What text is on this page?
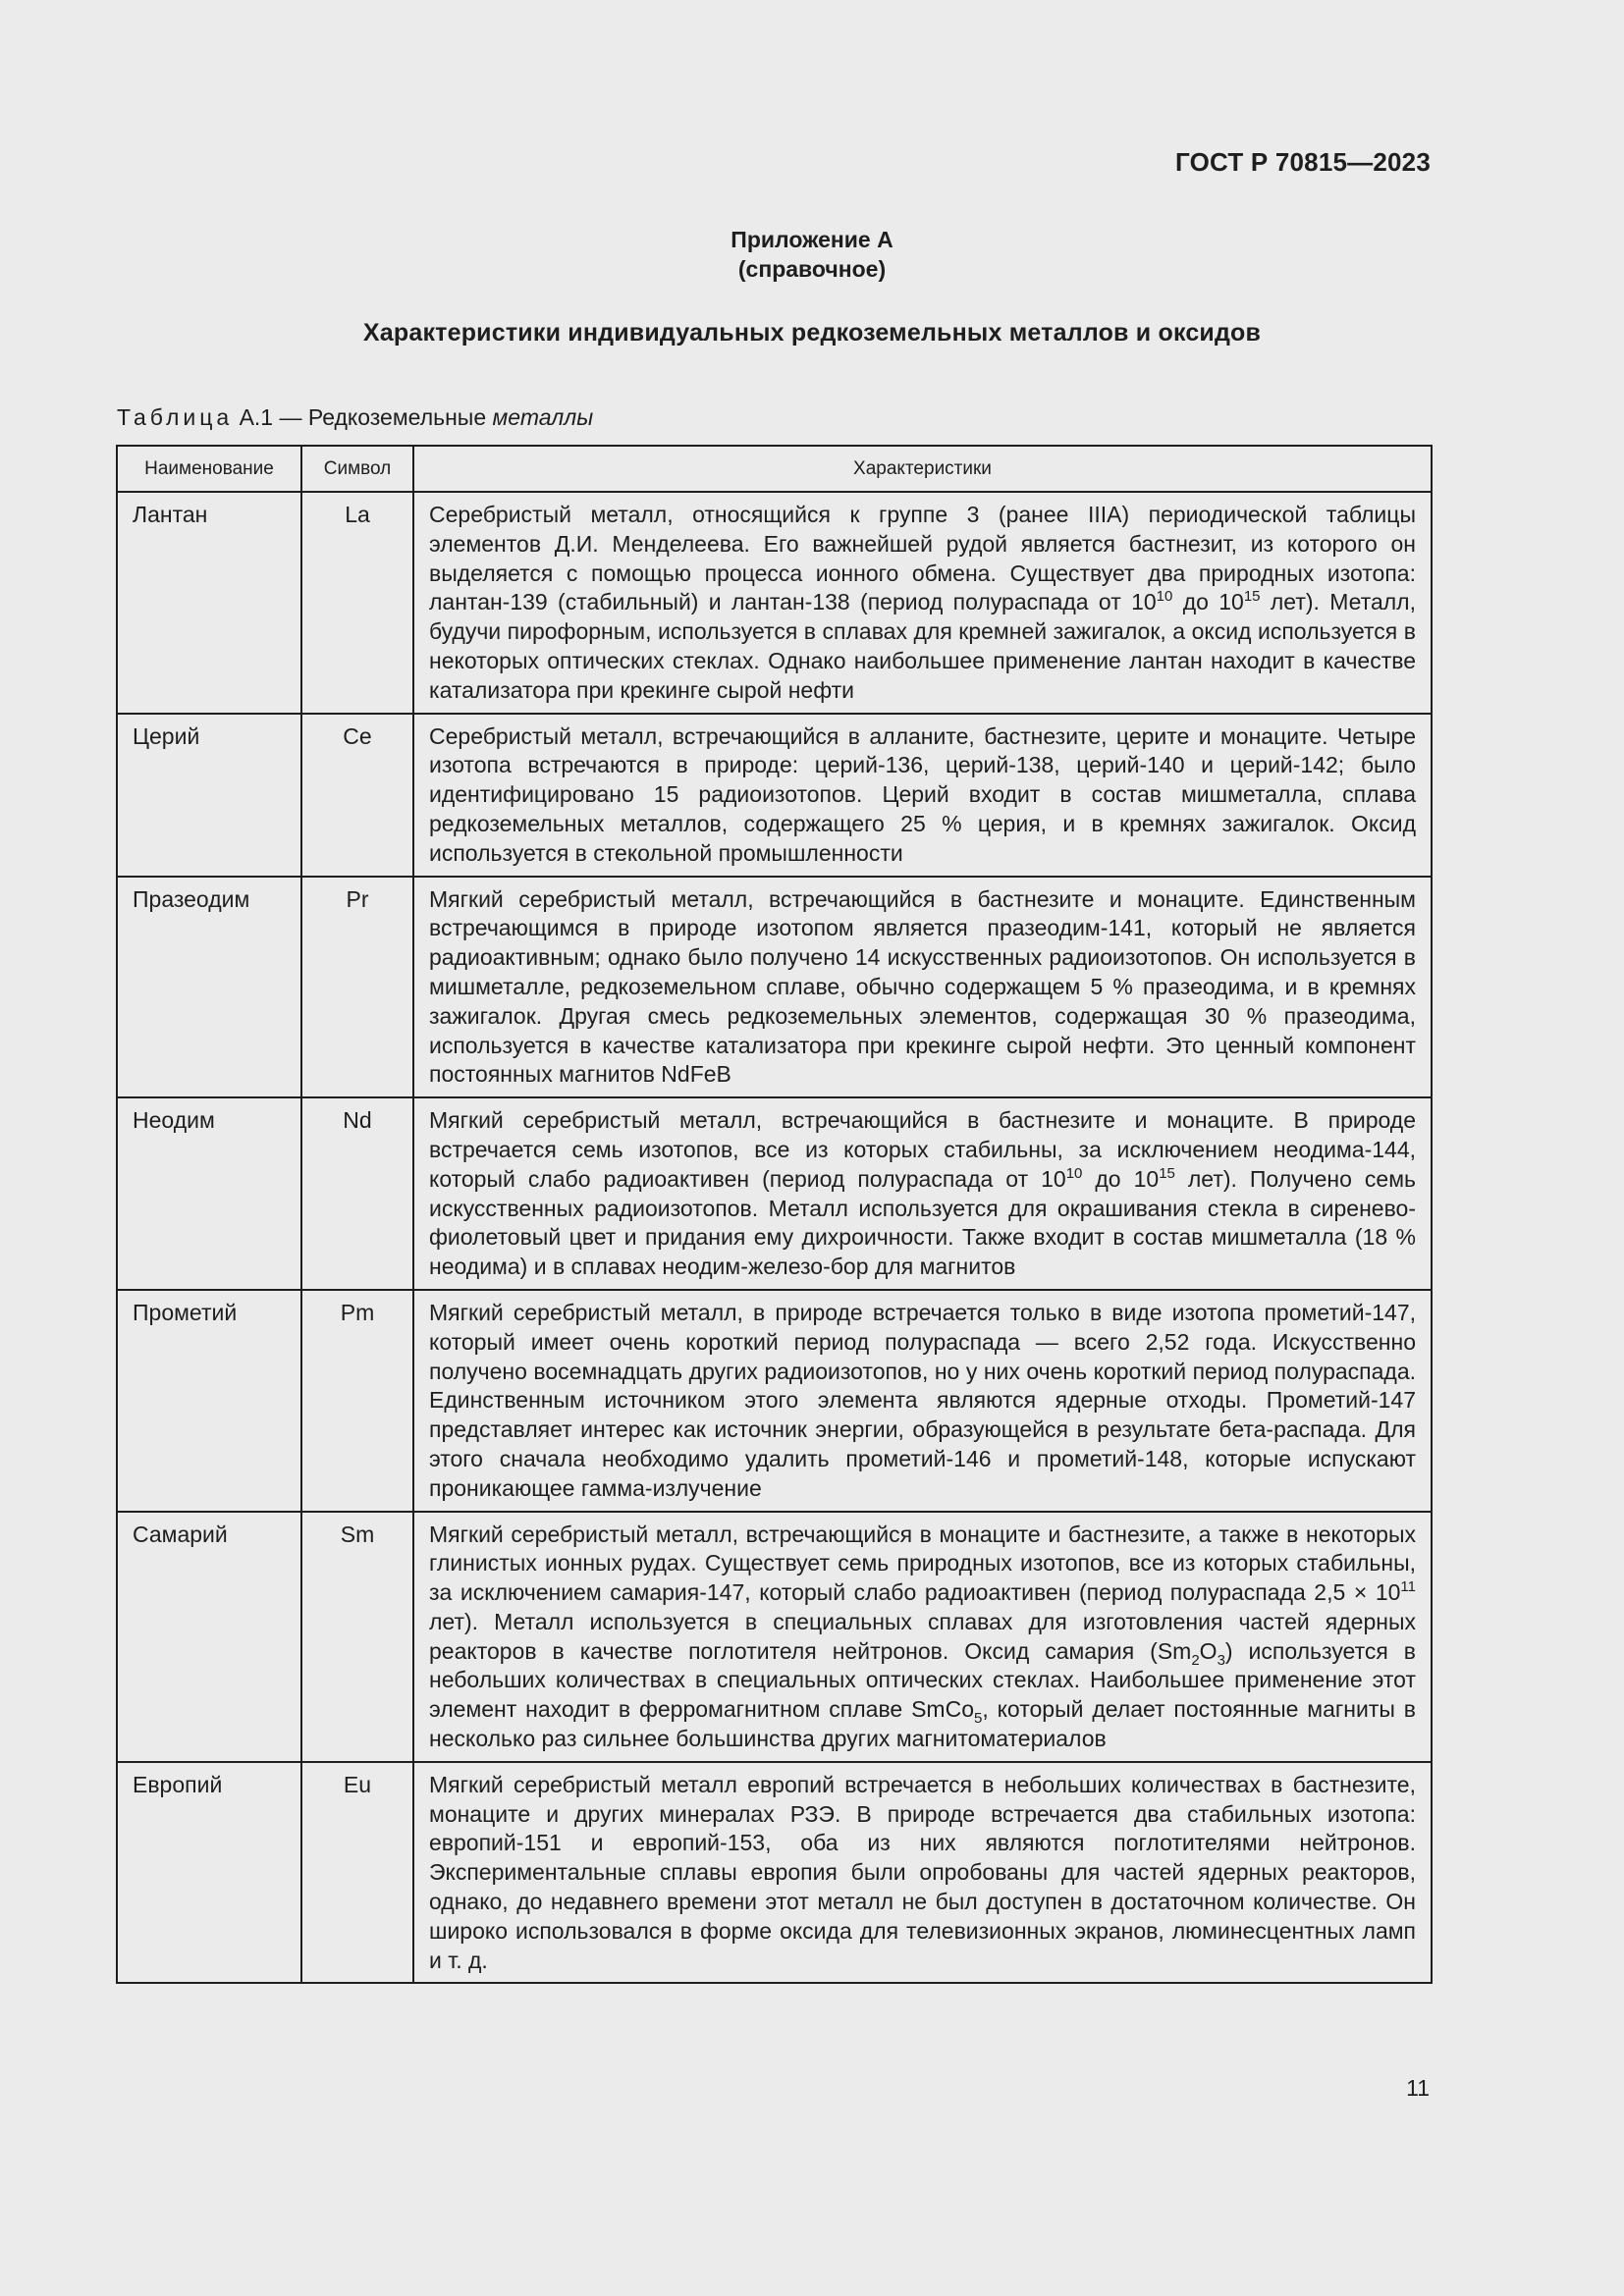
ГОСТ Р 70815—2023
Приложение А
(справочное)
Характеристики индивидуальных редкоземельных металлов и оксидов
Таблица А.1 — Редкоземельные металлы
Наименование	Символ	Характеристики
Лантан	La	Серебристый металл, относящийся к группе 3 (ранее IIIA) периодической таблицы элементов Д.И. Менделеева. Его важнейшей рудой является бастнезит, из которого он выделяется с помощью процесса ионного обмена. Существует два природных изотопа: лантан-139 (стабильный) и лантан-138 (период полураспада от $10^{10}$ до $10^{15}$ лет). Металл, будучи пирофорным, используется в сплавах для кремней зажигалок, а оксид используется в некоторых оптических стеклах. Однако наибольшее применение лантан находит в качестве катализатора при крекинге сырой нефти
Церий	Ce	Серебристый металл, встречающийся в алланите, бастнезите, церите и монаците. Четыре изотопа встречаются в природе: церий-136, церий-138, церий-140 и церий-142; было идентифицировано 15 радиоизотопов. Церий входит в состав мишметалла, сплава редкоземельных металлов, содержащего 25 % церия, и в кремнях зажигалок. Оксид используется в стекольной промышленности
Празеодим	Pr	Мягкий серебристый металл, встречающийся в бастнезите и монаците. Единственным встречающимся в природе изотопом является празеодим-141, который не является радиоактивным; однако было получено 14 искусственных радиоизотопов. Он используется в мишметалле, редкоземельном сплаве, обычно содержащем 5 % празеодима, и в кремнях зажигалок. Другая смесь редкоземельных элементов, содержащая 30 % празеодима, используется в качестве катализатора при крекинге сырой нефти. Это ценный компонент постоянных магнитов NdFeB
Неодим	Nd	Мягкий серебристый металл, встречающийся в бастнезите и монаците. В природе встречается семь изотопов, все из которых стабильны, за исключением неодима-144, который слабо радиоактивен (период полураспада от $10^{10}$ до $10^{15}$ лет). Получено семь искусственных радиоизотопов. Металл используется для окрашивания стекла в сиренево-фиолетовый цвет и придания ему дихроичности. Также входит в состав мишметалла (18 % неодима) и в сплавах неодим-железо-бор для магнитов
Прометий	Pm	Мягкий серебристый металл, в природе встречается только в виде изотопа прометий-147, который имеет очень короткий период полураспада — всего 2,52 года. Искусственно получено восемнадцать других радиоизотопов, но у них очень короткий период полураспада. Единственным источником этого элемента являются ядерные отходы. Прометий-147 представляет интерес как источник энергии, образующейся в результате бета-распада. Для этого сначала необходимо удалить прометий-146 и прометий-148, которые испускают проникающее гамма-излучение
Самарий	Sm	Мягкий серебристый металл, встречающийся в монаците и бастнезите, а также в некоторых глинистых ионных рудах. Существует семь природных изотопов, все из которых стабильны, за исключением самария-147, который слабо радиоактивен (период полураспада $2,5 \times 10^{11}$ лет). Металл используется в специальных сплавах для изготовления частей ядерных реакторов в качестве поглотителя нейтронов. Оксид самария $(Sm_2O_3)$ используется в небольших количествах в специальных оптических стеклах. Наибольшее применение этот элемент находит в ферромагнитном сплаве SmCo$_5$, который делает постоянные магниты в несколько раз сильнее большинства других магнитоматериалов
Европий	Eu	Мягкий серебристый металл европий встречается в небольших количествах в бастнезите, монаците и других минералах РЗЭ. В природе встречается два стабильных изотопа: европий-151 и европий-153, оба из них являются поглотителями нейтронов. Экспериментальные сплавы европия были опробованы для частей ядерных реакторов, однако, до недавнего времени этот металл не был доступен в достаточном количестве. Он широко использовался в форме оксида для телевизионных экранов, люминесцентных ламп и т. д.
11
